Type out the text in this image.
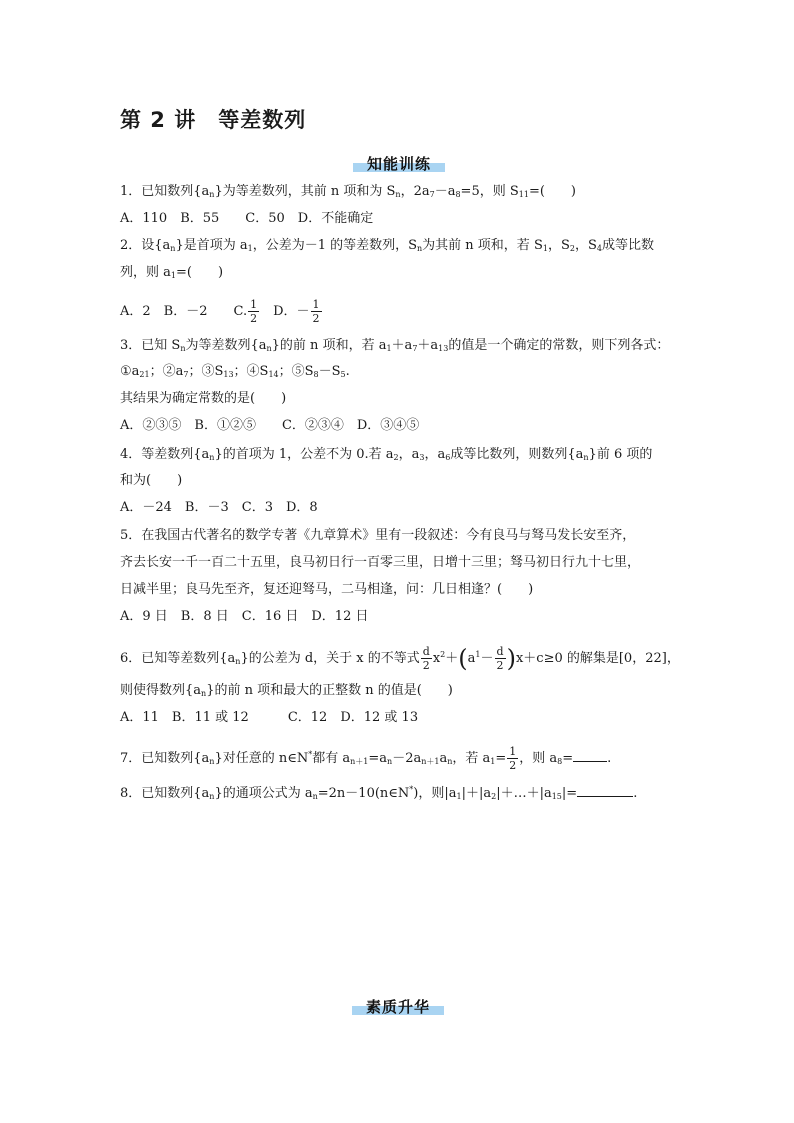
第 2 讲　等差数列
知能训练
1．已知数列$\{a_n\}$为等差数列，其前 n 项和为 $S_n$，$2a_7-a_8=5$，则 $S_{11}=$(　　)
A．110　B．55　　C．50　D．不能确定
2．设$\{a_n\}$是首项为 $a_1$，公差为－1 的等差数列，$S_n$为其前 n 项和，若 $S_1$，$S_2$，$S_4$成等比数
列，则 $a_1=$(　　)
A．2　B．－2　　C. $\frac{1}{2}$ 　D．－ $\frac{1}{2}$
3．已知 $S_n$为等差数列$\{a_n\}$的前 n 项和，若 $a_1+a_7+a_{13}$的值是一个确定的常数，则下列各式：
$①a_{21}$；$②a_7$；$③S_{13}$；$④S_{14}$；$⑤S_8-S_5$.
其结果为确定常数的是(　　)
A．②③⑤　B．①②⑤　　C．②③④　D．③④⑤
4．等差数列$\{a_n\}$的首项为 1，公差不为 0.若 $a_2$，$a_3$，$a_6$成等比数列，则数列$\{a_n\}$前 6 项的
和为(　　)
A．－24　B．－3　C．3　D．8
5．在我国古代著名的数学专著《九章算术》里有一段叙述：今有良马与驽马发长安至齐，
齐去长安一千一百二十五里，良马初日行一百零三里，日增十三里；驽马初日行九十七里，
日减半里；良马先至齐，复还迎驽马，二马相逢，问：几日相逢？(　　)
A．9 日　B．8 日　C．16 日　D．12 日
6．已知等差数列$\{a_n\}$的公差为 d，关于 x 的不等式 $\frac{d}{2} x^2+(a^1- \frac{d}{2} )x+c\ge 0$ 的解集是[0，22]，
则使得数列$\{a_n\}$的前 n 项和最大的正整数 n 的值是(　　)
A．11　B．11 或 12　　　C．12　D．12 或 13
7．已知数列$\{a_n\}$对任意的 n∈N*都有 $a_{n+1}=a_n-2a_{n+1}a_n$，若 $a_1= \frac{1}{2}$ ，则 $a_8=$	.
8．已知数列$\{a_n\}$的通项公式为 $a_n=2n-10(n\in N^*)$，则$|a_1|+|a_2|+\dots+|a_{15}|=$	.
素质升华
